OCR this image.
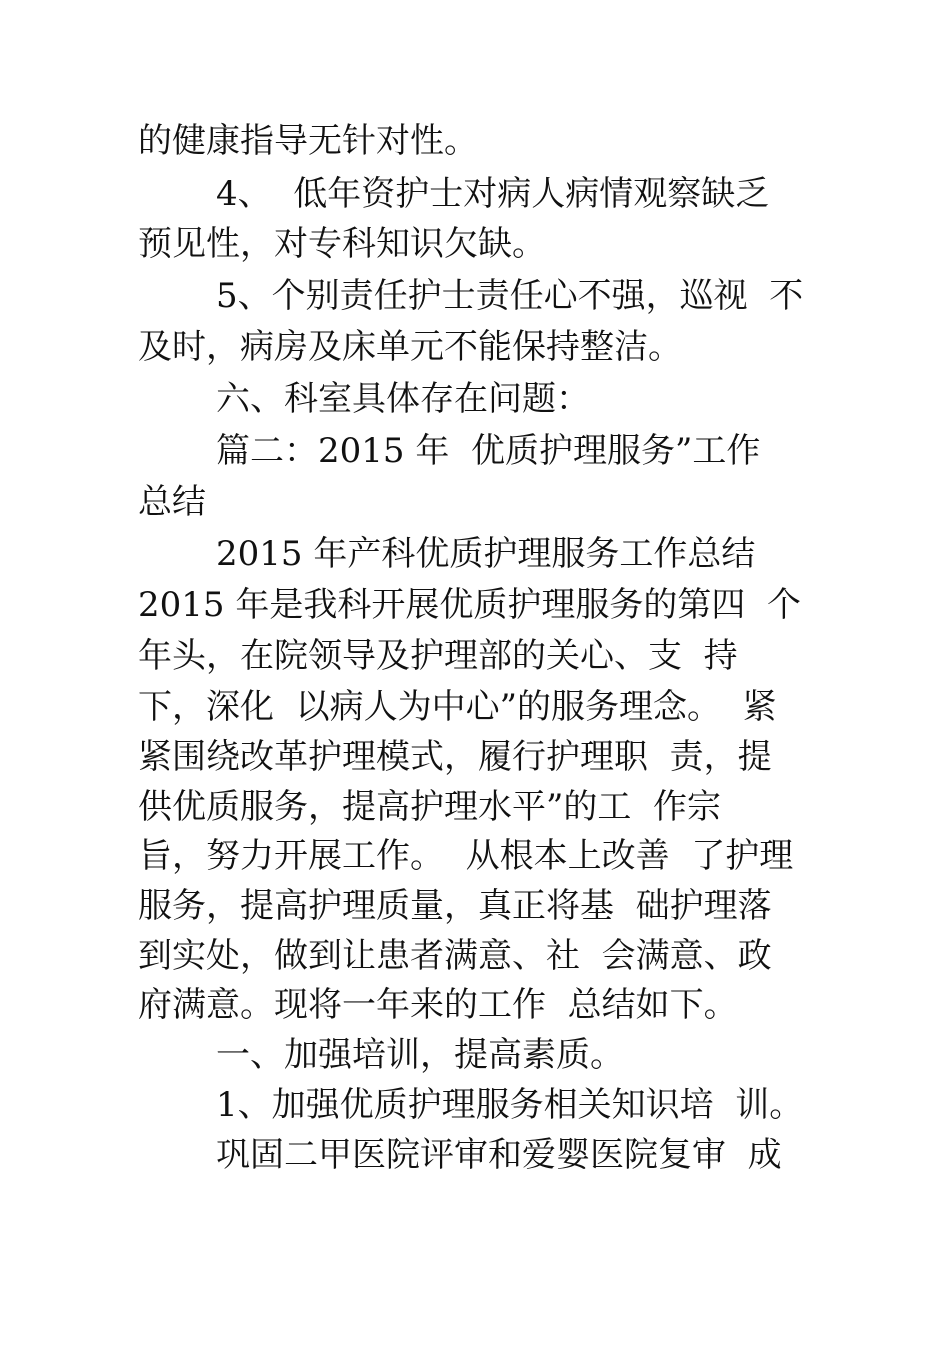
的健康指导无针对性。
4、  低年资护士对病人病情观察缺乏
预见性，对专科知识欠缺。
5、个别责任护士责任心不强，巡视  不
及时，病房及床单元不能保持整洁。
六、科室具体存在问题：
篇二：2015 年  优质护理服务”工作
总结
2015 年产科优质护理服务工作总结
2015 年是我科开展优质护理服务的第四  个
年头，在院领导及护理部的关心、支  持
下，深化  以病人为中心”的服务理念。  紧
紧围绕改革护理模式，履行护理职  责，提
供优质服务，提高护理水平”的工  作宗
旨，努力开展工作。  从根本上改善  了护理
服务，提高护理质量，真正将基  础护理落
到实处，做到让患者满意、社  会满意、政
府满意。现将一年来的工作  总结如下。
一、加强培训，提高素质。
1、加强优质护理服务相关知识培  训。
巩固二甲医院评审和爱婴医院复审  成
